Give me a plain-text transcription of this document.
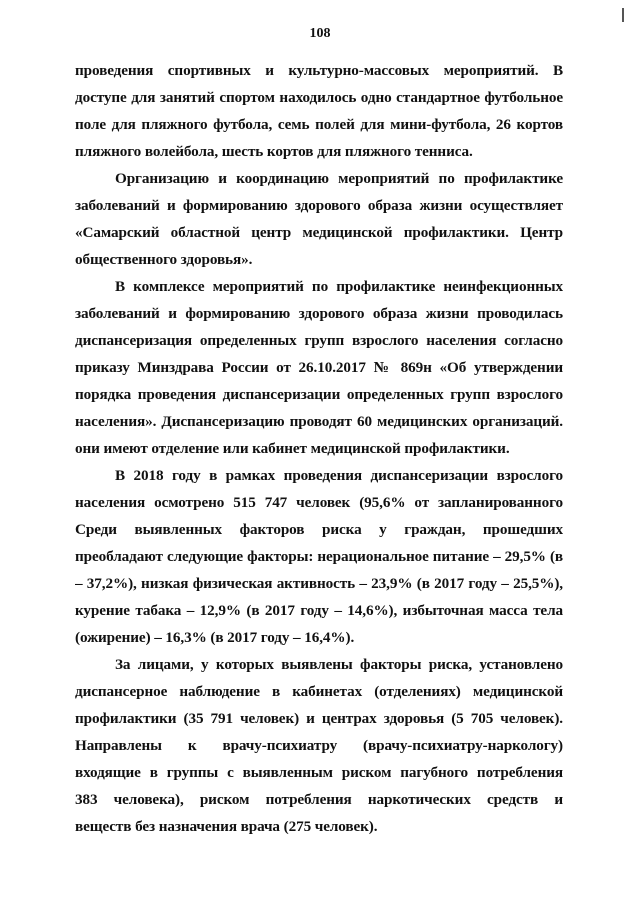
108
проведения спортивных и культурно-массовых мероприятий. В
доступе для занятий спортом находилось одно стандартное футбольное
поле для пляжного футбола, семь полей для мини-футбола, 26 кортов
пляжного волейбола, шесть кортов для пляжного тенниса.
Организацию и координацию мероприятий по профилактике
заболеваний и формированию здорового образа жизни осуществляет
«Самарский областной центр медицинской профилактики. Центр
общественного здоровья».
В комплексе мероприятий по профилактике неинфекционных
заболеваний и формированию здорового образа жизни проводилась
диспансеризация определенных групп взрослого населения согласно
приказу Минздрава России от 26.10.2017 № 869н «Об утверждении
порядка проведения диспансеризации определенных групп взрослого
населения». Диспансеризацию проводят 60 медицинских организаций.
они имеют отделение или кабинет медицинской профилактики.
В 2018 году в рамках проведения диспансеризации взрослого
населения осмотрено 515 747 человек (95,6% от запланированного
Среди выявленных факторов риска у граждан, прошедших
преобладают следующие факторы: нерациональное питание – 29,5% (в
– 37,2%), низкая физическая активность – 23,9% (в 2017 году – 25,5%),
курение табака – 12,9% (в 2017 году – 14,6%), избыточная масса тела
(ожирение) – 16,3% (в 2017 году – 16,4%).
За лицами, у которых выявлены факторы риска, установлено
диспансерное наблюдение в кабинетах (отделениях) медицинской
профилактики (35 791 человек) и центрах здоровья (5 705 человек).
Направлены к врачу-психиатру (врачу-психиатру-наркологу)
входящие в группы с выявленным риском пагубного потребления
383 человека), риском потребления наркотических средств и
веществ без назначения врача (275 человек).
